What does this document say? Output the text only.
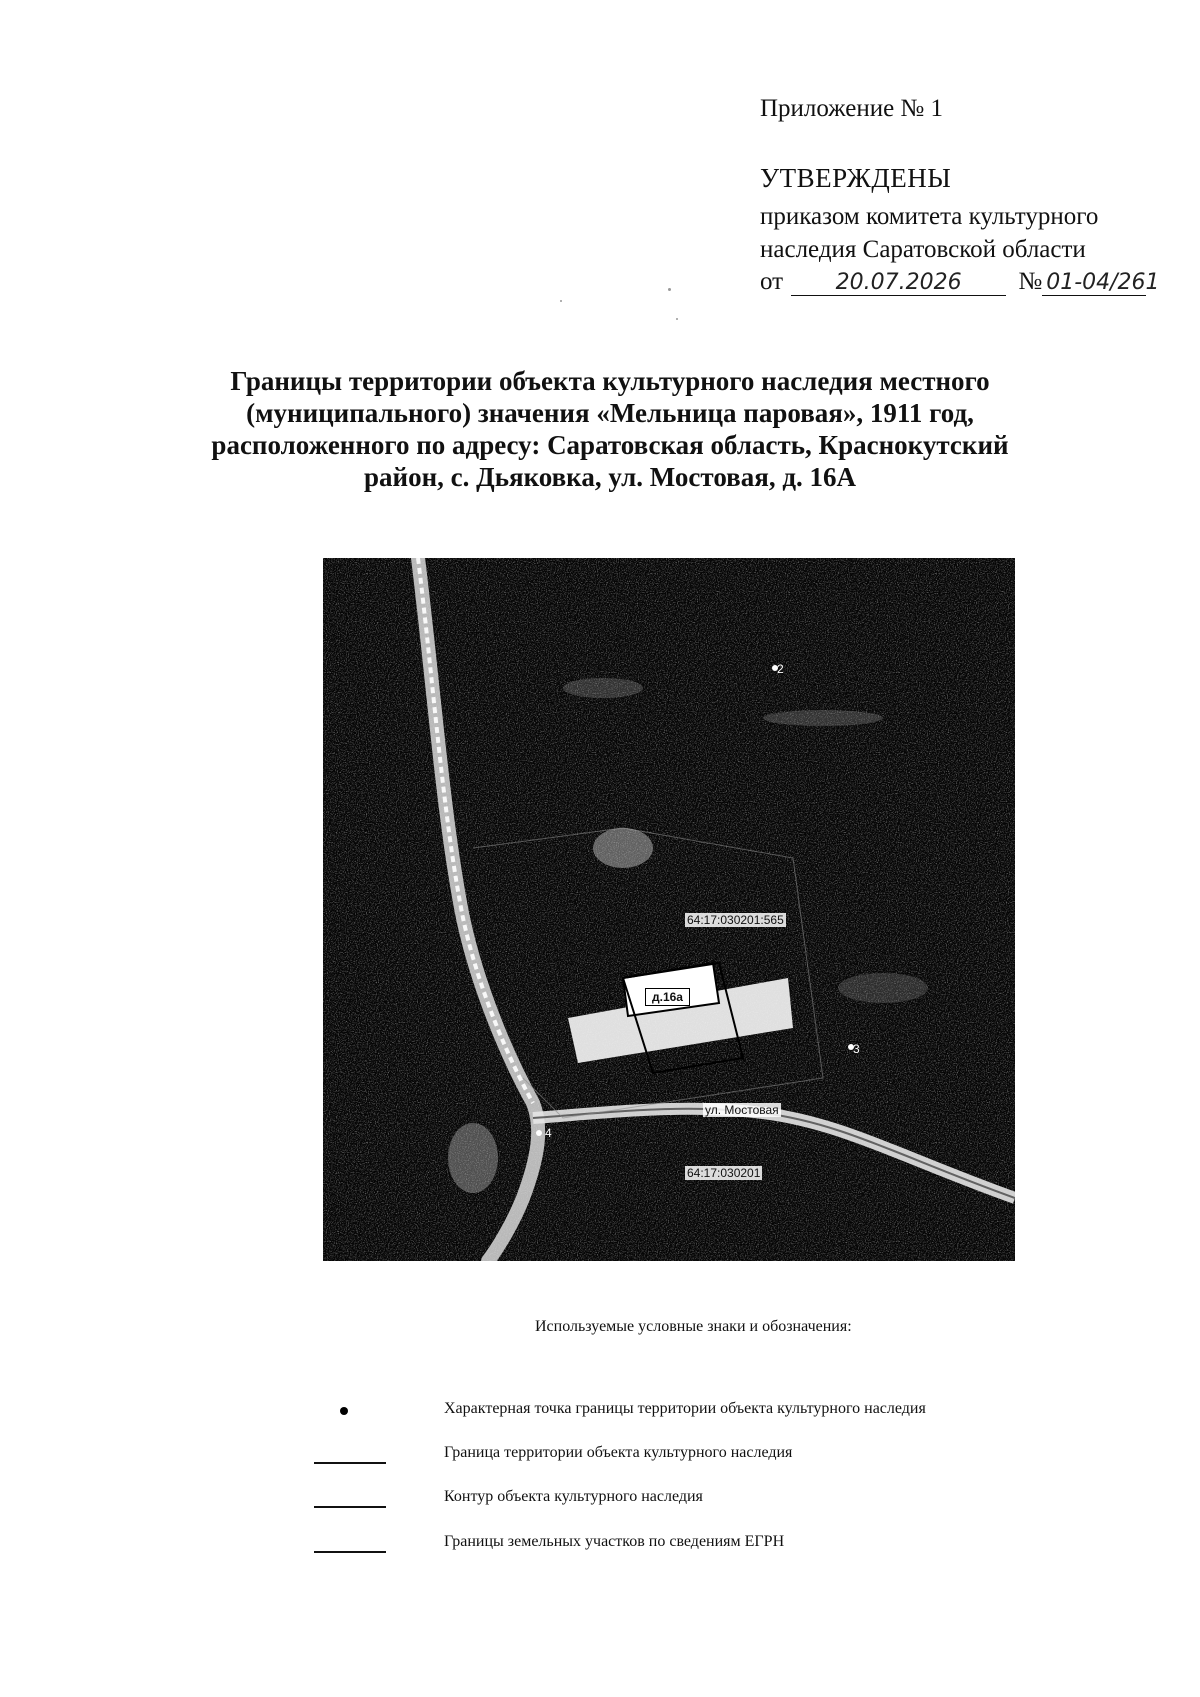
Приложение № 1
УТВЕРЖДЕНЫ
приказом комитета культурного
наследия Саратовской области
от 20.07.2026 № 01-04/261
Границы территории объекта культурного наследия местного
(муниципального) значения «Мельница паровая», 1911 год,
расположенного по адресу: Саратовская область, Краснокутский
район, с. Дьяковка, ул. Мостовая, д. 16А
64:17:030201:565
д.16а
ул. Мостовая
64:17:030201
2
3
4
Используемые условные знаки и обозначения:
Характерная точка границы территории объекта культурного наследия
Граница территории объекта культурного наследия
Контур объекта культурного наследия
Границы земельных участков по сведениям ЕГРН
